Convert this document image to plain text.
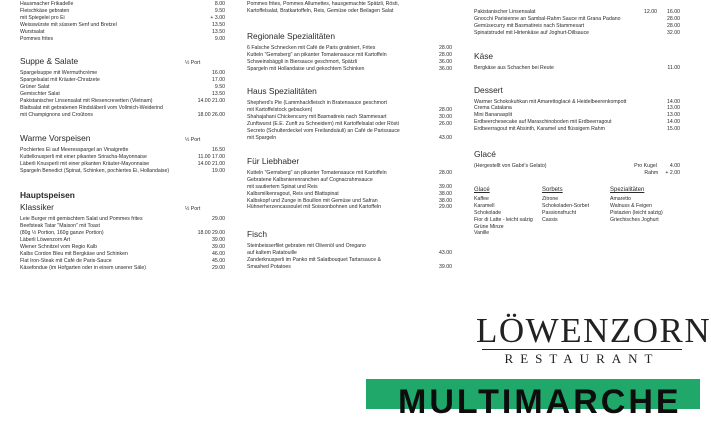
Hausmacher Frikadelle	8.00
Fleischkäse gebraten	9.50
mit Spiegelei pro Ei	+ 3.00
Weisswürste mit süssem Senf und Bretzel	13.50
Wurstsalat	13.50
Pommes frites	9.00
Suppe & Salate	½ Port
Spargelsuppe mit Wermuthcrème	16.00
Spargelsalat mit Kräuter-Chratzete	17.00
Grüner Salat	9.50
Gemischter Salat	13.50
Pakistanischer Linsensalat mit Riesencrevetten (Vietnam)	14.00 21.00
Blattsalat mit gebratenen Rindsläberli vom Vollmich-Weiderind
mit Champignons und Croûtons	18.00 26.00
Warme Vorspeisen	½ Port
Pochiertes Ei auf Meeresspargel an Vinaigrette	16.50
Kuttelknusperli mit einer pikanten Sriracha-Mayonnaise	11.00 17.00
Läberli Knusperli mit einer pikanten Kräuter-Mayonnaise	14.00 21.00
Spargeln Benedict (Spinat, Schinken, pochiertes Ei, Hollandaise)	19.00
Hauptspeisen
Klassiker	½ Port
Leie Burger mit gemischtem Salat und Pommes frites	29.00
Beefsteak Tatar "Maison" mit Toast
(80g ½ Portion, 160g ganze Portion)	18.00 29.00
Läberli Löwenzorn Art	39.00
Wiener Schnitzel vom Regio Kalb	39.00
Kalbs Cordon Bleu mit Bergkäse und Schinken	46.00
Flat Iron-Steak mit Café de Paris-Sauce	45.00
Käsefondue (im Hofgarten oder in einem unserer Säle)	29.00
Pommes frites, Pommes Allumettes, hausgemachte Spätzli, Rösti,
Kartoffelsalat, Bratkartoffeln, Reis, Gemüse oder Beilagen Salat
Regionale Spezialitäten
6 Falsche Schnecken mit Café de Paris gratiniert, Frites	28.00
Kutteln "Gemsberg" an pikanter Tomatensauce mit Kartoffeln	28.00
Schweinsbäggli in Biersauce geschmort, Spätzli	36.00
Spargeln mit Hollandaise und gekochtem Schinken	36.00
Haus Spezialitäten
Shepherd's Pie (Lammhackfleisch in Bratensauce geschmort
mit Kartoffelstock gebacken)	28.00
Shahajahani Chickencurry mit Basmatireis nach Stammesart	30.00
Zunftwurst (E.E. Zunft zu Schneidern) mit Kartoffelsalat oder Rösti	26.00
Secreto (Schulterdeckel vom Freilandsäuli) an Café de Parissauce
mit Spargeln	43.00
Für Liebhaber
Kutteln "Gemsberg" an pikanter Tomatensauce mit Kartoffeln	28.00
Gebratene Kalbsnierenranchen auf Cognacrahmsauce
mit sautiertem Spinat und Reis	39.00
Kalbsmilkenragout, Reis und Blattspinat	38.00
Kalbskopf und Zunge in Bouillon mit Gemüse und Safran	38.00
Hühnerherzencassoulet mit Soissonbohnen und Kartoffeln	29.00
Fisch
Steinbeisserfilet gebraten mit Olivenöl und Oregano
auf kaltem Ratatouille	43.00
Zanderknusperli im Panko mit Salatbouquet Tartarsauce &
Smashed Potatoes	39.00
Pakistanischer Linsensalat	12.00 16.00
Gnocchi Parisienne an Sambal-Rahm Sauce mit Grana Padano	28.00
Gemüsecurry mit Basmatireis nach Stammesart	28.00
Spinatstrudel mit Hirtenkäse auf Joghurt-Dillsauce	32.00
Käse
Bergkäse aus Schachen bei Reute	11.00
Dessert
Warmer Schokokuhkan mit Amarettoglacé & Heidelbeerenkompott	14.00
Crema Catalana	13.00
Mini Bananasplit	13.00
Erdbeerchesecake auf Maraschinoboden mit Erdbeerragout	14.00
Erdbeerragout mit Absinth, Karamel und flüssigem Rahm	15.00
Glacé
(Hergestellt von Gabri's Gelato)	Pro Kugel 4.00
Rahm + 2.00
Glacé
Kaffee
Karamell
Schokolade
Fior di Latte - leicht salzig
Grüne Minze
Vanille
Sorbets
Zitrone
Schokoladen-Sorbet
Passionsfrucht
Cassis
Spezialitäten
Amaretto
Walnuss & Feigen
Pistazien (leicht salzig)
Griechisches Joghurt
LÖWENZORN
RESTAURANT
MULTIMARCHE
